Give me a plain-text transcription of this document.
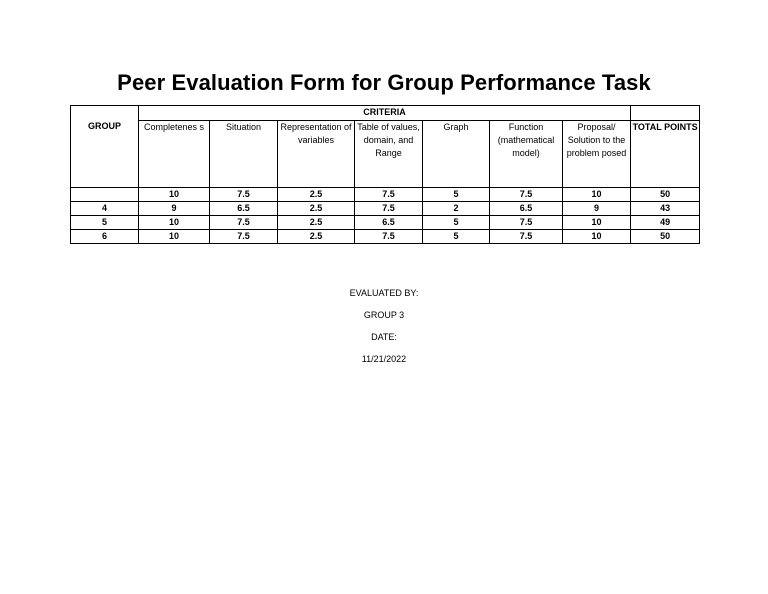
Peer Evaluation Form for Group Performance Task
GROUP	CRITERIA							
	Completenes s	Situation	Representation of variables	Table of values, domain, and Range	Graph	Function (mathematical model)	Proposal/ Solution to the problem posed	TOTAL POINTS
	10	7.5	2.5	7.5	5	7.5	10	50
4	9	6.5	2.5	7.5	2	6.5	9	43
5	10	7.5	2.5	6.5	5	7.5	10	49
6	10	7.5	2.5	7.5	5	7.5	10	50
EVALUATED BY:
GROUP 3
DATE:
11/21/2022
